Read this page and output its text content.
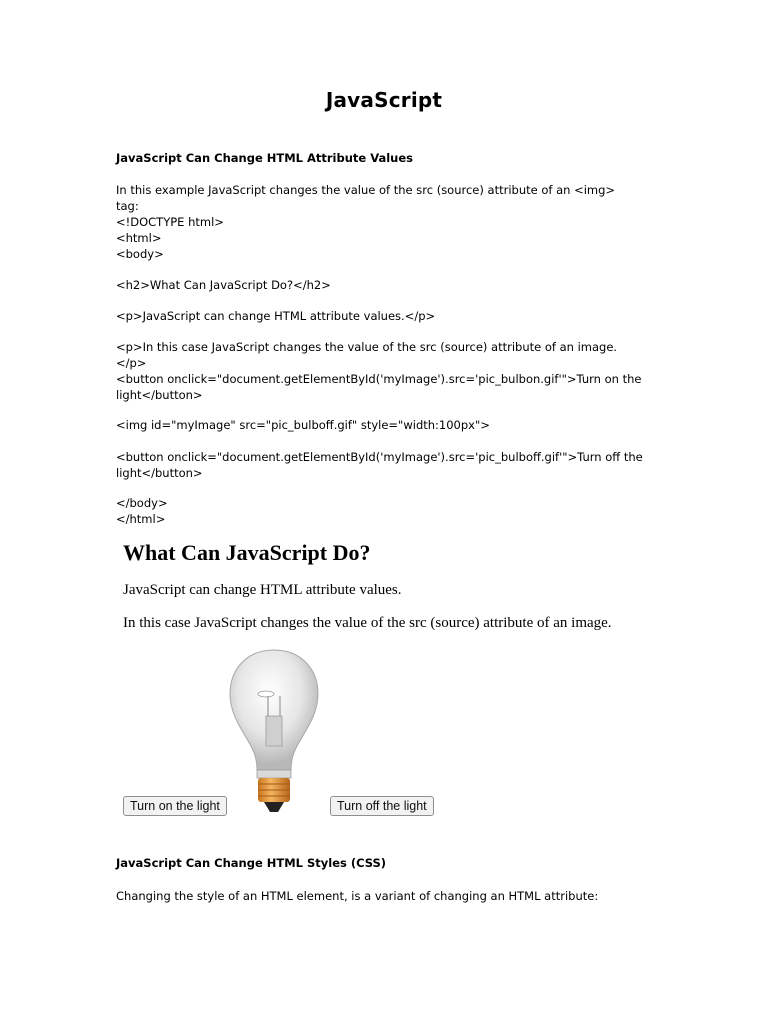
JavaScript
JavaScript Can Change HTML Attribute Values
In this example JavaScript changes the value of the src (source) attribute of an <img> tag:
<!DOCTYPE html>
<html>
<body>
<h2>What Can JavaScript Do?</h2>
<p>JavaScript can change HTML attribute values.</p>
<p>In this case JavaScript changes the value of the src (source) attribute of an image.</p>
<button onclick="document.getElementById('myImage').src='pic_bulbon.gif'">Turn on the
light</button>
<img id="myImage" src="pic_bulboff.gif" style="width:100px">
<button onclick="document.getElementById('myImage').src='pic_bulboff.gif'">Turn off the
light</button>
</body>
</html>
What Can JavaScript Do?
JavaScript can change HTML attribute values.
In this case JavaScript changes the value of the src (source) attribute of an image.
Turn on the light	Turn off the light
JavaScript Can Change HTML Styles (CSS)
Changing the style of an HTML element, is a variant of changing an HTML attribute:
